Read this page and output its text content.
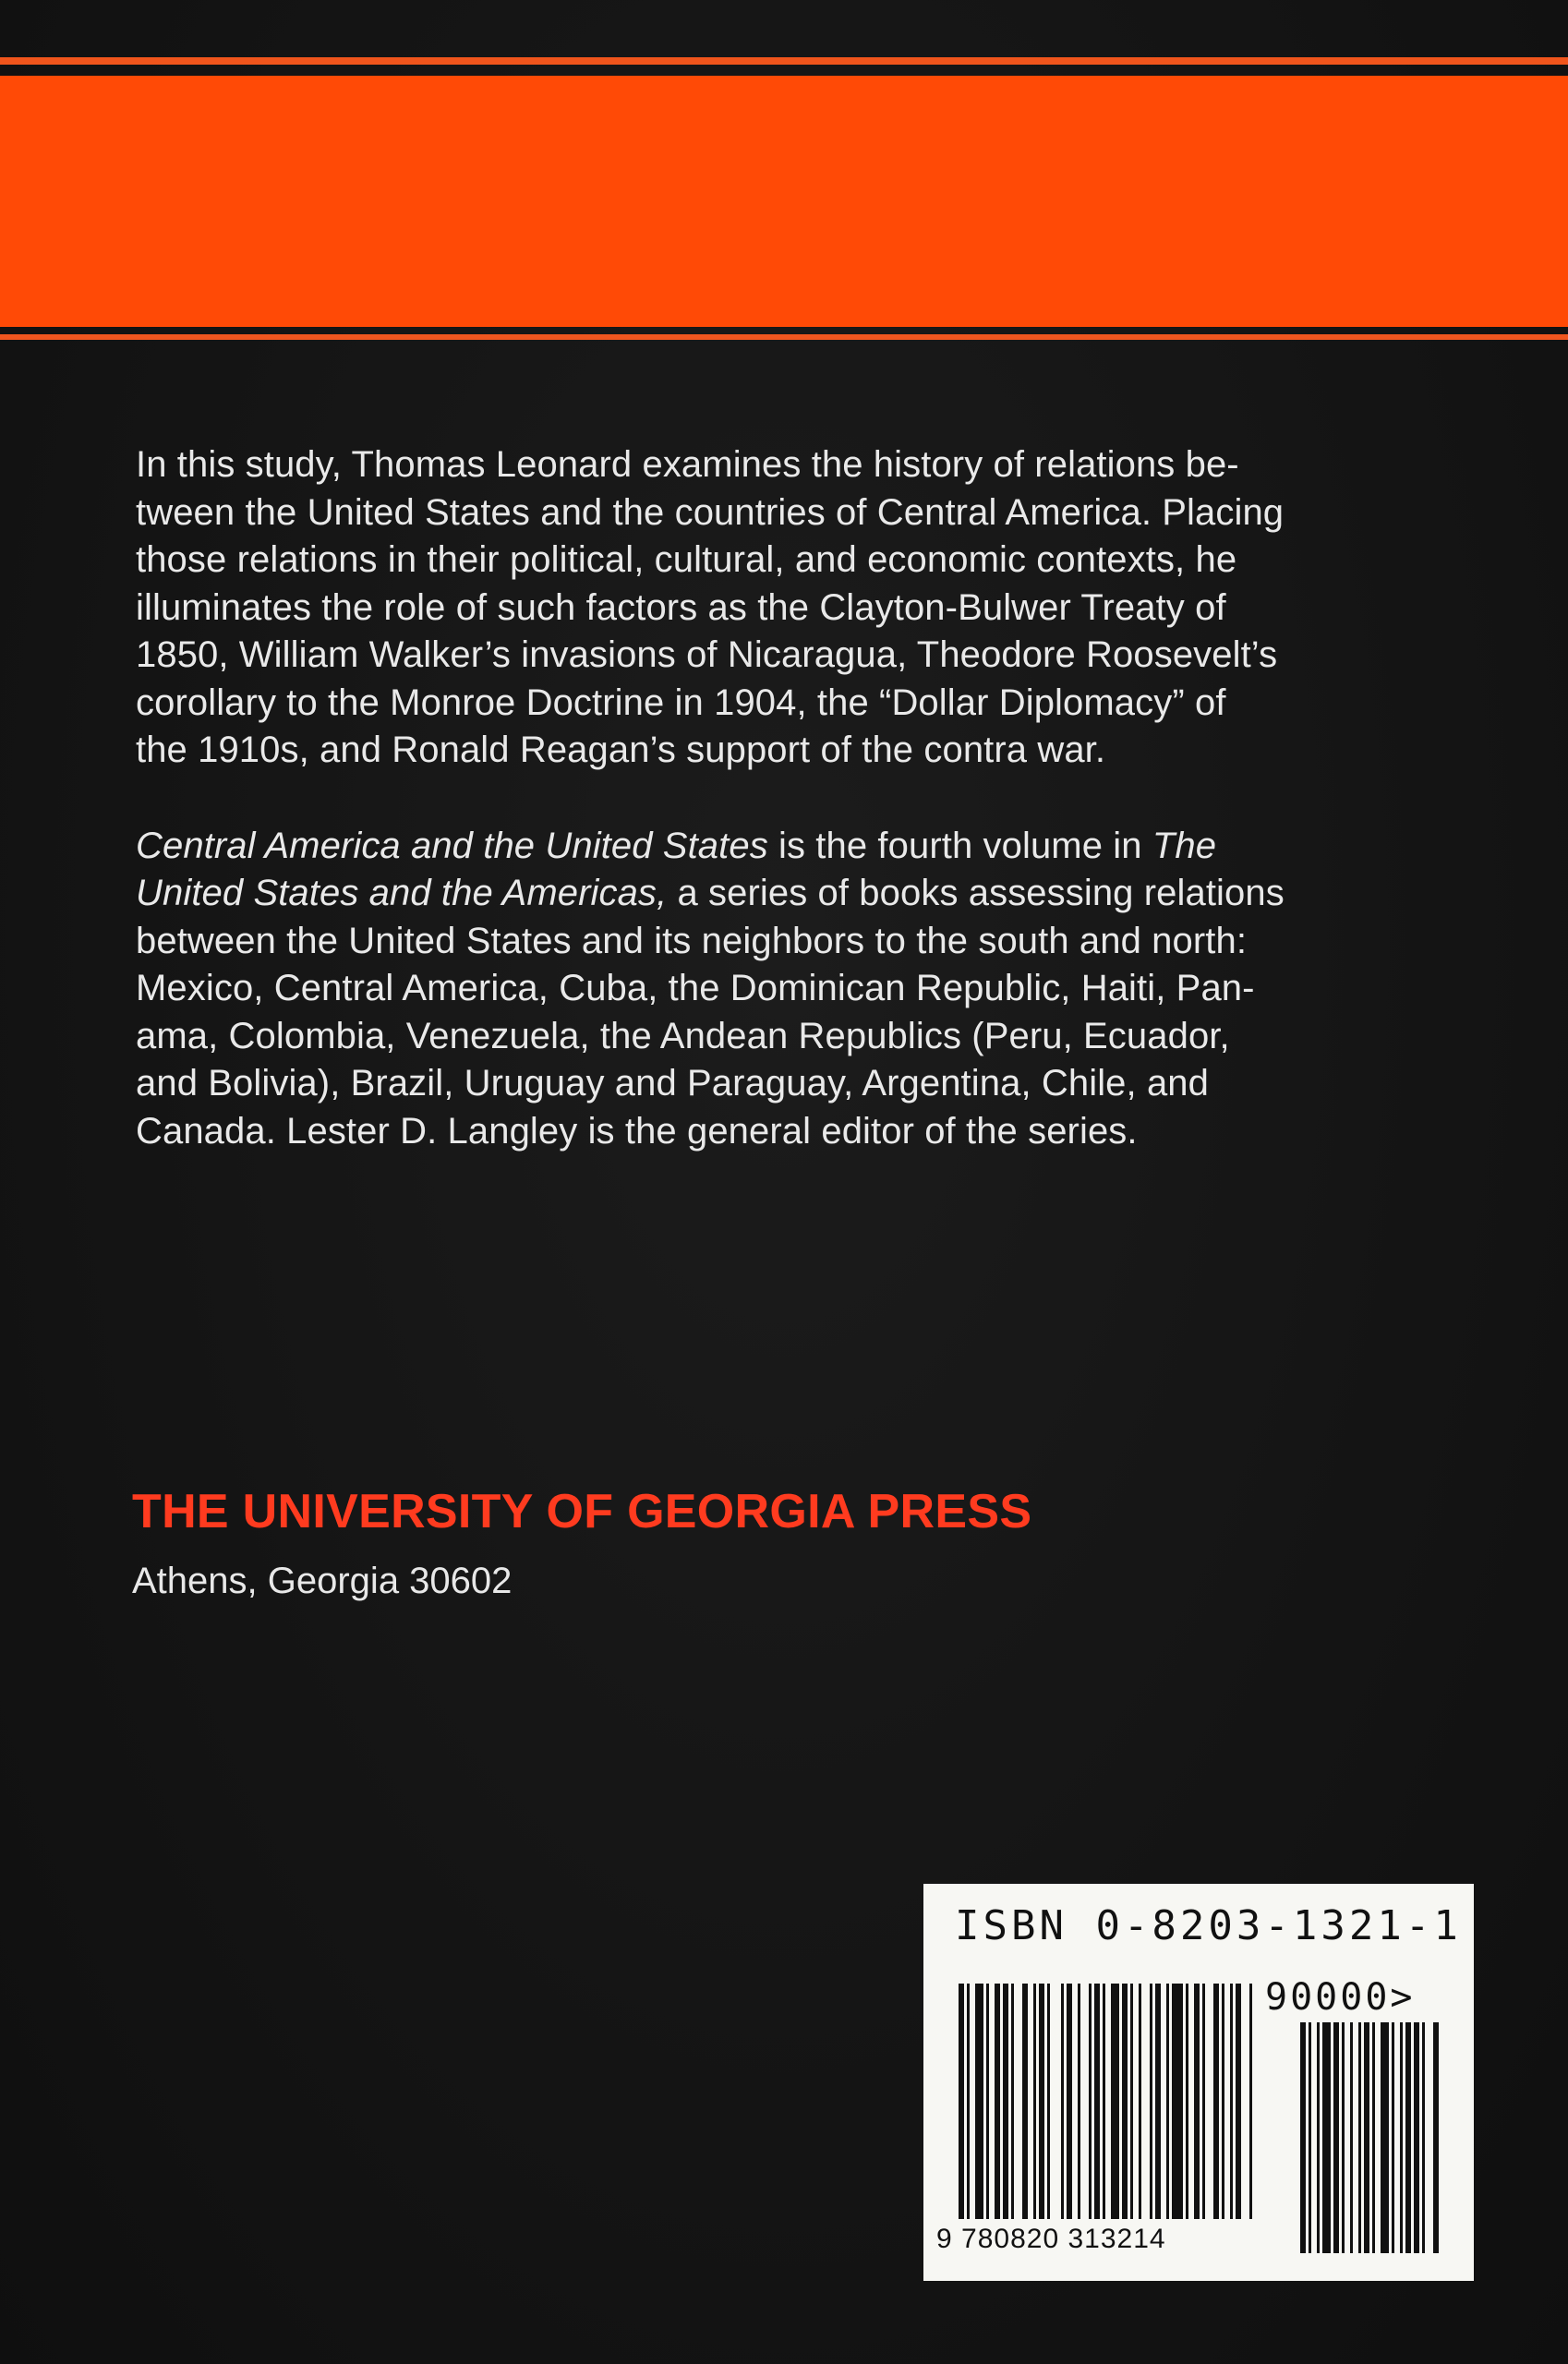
In this study, Thomas Leonard examines the history of relations be-
tween the United States and the countries of Central America. Placing
those relations in their political, cultural, and economic contexts, he
illuminates the role of such factors as the Clayton-Bulwer Treaty of
1850, William Walker’s invasions of Nicaragua, Theodore Roosevelt’s
corollary to the Monroe Doctrine in 1904, the “Dollar Diplomacy” of
the 1910s, and Ronald Reagan’s support of the contra war.

Central America and the United States is the fourth volume in The
United States and the Americas, a series of books assessing relations
between the United States and its neighbors to the south and north:
Mexico, Central America, Cuba, the Dominican Republic, Haiti, Pan-
ama, Colombia, Venezuela, the Andean Republics (Peru, Ecuador,
and Bolivia), Brazil, Uruguay and Paraguay, Argentina, Chile, and
Canada. Lester D. Langley is the general editor of the series.

THE UNIVERSITY OF GEORGIA PRESS
Athens, Georgia 30602
ISBN 0-8203-1321-1
90000>
9 780820 313214
